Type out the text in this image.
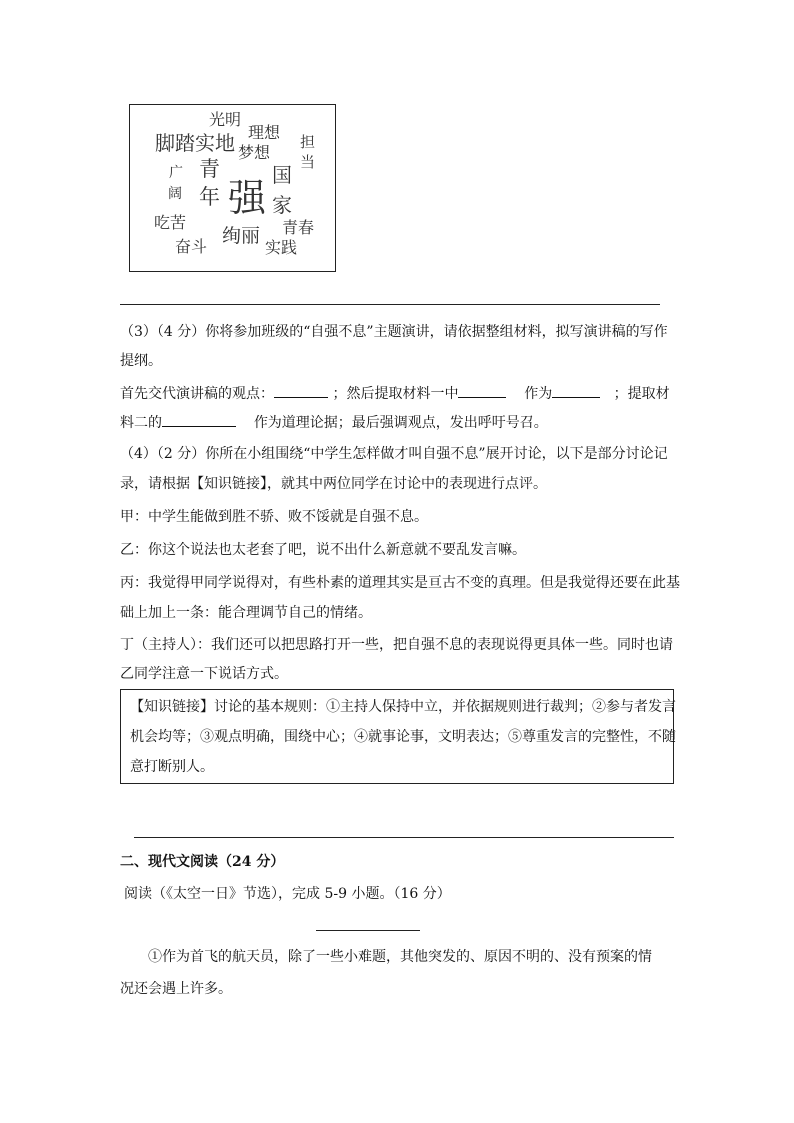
光明
理想 担
当
脚踏实地 梦想
广 青	国
阔 年 强 家
吃苦
绚丽 青春
奋斗	实践
（3）（4 分）你将参加班级的“自强不息”主题演讲，请依据整组材料，拟写演讲稿的写作
提纲。
首先交代演讲稿的观点：	；然后提取材料一中	作为	；提取材
料二的	作为道理论据；最后强调观点，发出呼吁号召。
（4）（2 分）你所在小组围绕“中学生怎样做才叫自强不息”展开讨论，以下是部分讨论记
录，请根据【知识链接】，就其中两位同学在讨论中的表现进行点评。
甲：中学生能做到胜不骄、败不馁就是自强不息。
乙：你这个说法也太老套了吧，说不出什么新意就不要乱发言嘛。
丙：我觉得甲同学说得对，有些朴素的道理其实是亘古不变的真理。但是我觉得还要在此基
础上加上一条：能合理调节自己的情绪。
丁（主持人）：我们还可以把思路打开一些，把自强不息的表现说得更具体一些。同时也请
乙同学注意一下说话方式。
【知识链接】讨论的基本规则：①主持人保持中立，并依据规则进行裁判；②参与者发言
机会均等；③观点明确，围绕中心；④就事论事，文明表达；⑤尊重发言的完整性，不随
意打断别人。
二、现代文阅读（24 分）
阅读（《太空一日》节选），完成 5-9 小题。（16 分）
①作为首飞的航天员，除了一些小难题，其他突发的、原因不明的、没有预案的情
况还会遇上许多。
